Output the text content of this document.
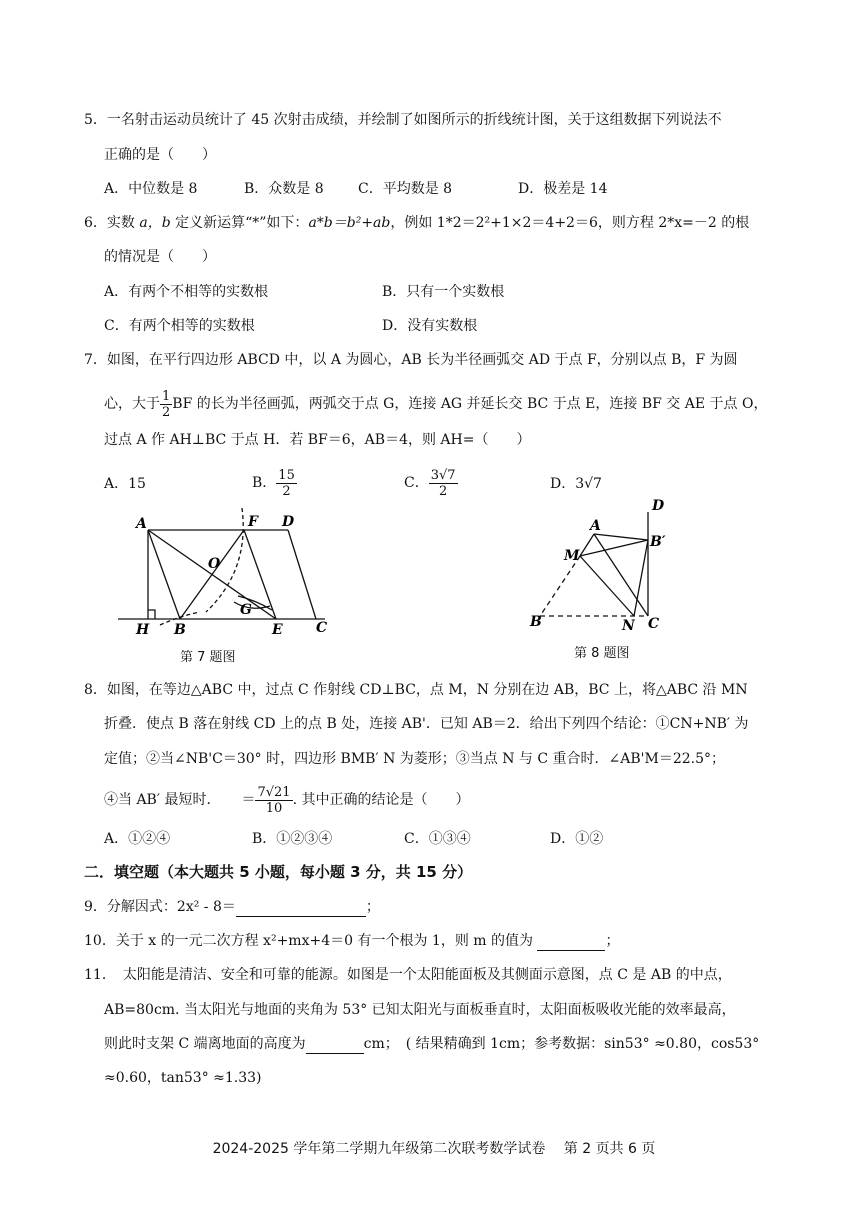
5．一名射击运动员统计了 45 次射击成绩，并绘制了如图所示的折线统计图，关于这组数据下列说法不
正确的是（　　）
A．中位数是 8	B．众数是 8 C．平均数是 8	D．极差是 14
6．实数 a，b 定义新运算“*”如下：a*b＝b²+ab，例如 1*2＝2²+1×2＝4+2＝6，则方程 2*x=－2 的根
的情况是（　　）
A．有两个不相等的实数根	B．只有一个实数根
C．有两个相等的实数根	D．没有实数根
7．如图，在平行四边形 ABCD 中，以 A 为圆心，AB 长为半径画弧交 AD 于点 F，分别以点 B，F 为圆
心，大于 $\frac{1}{2}$ BF 的长为半径画弧，两弧交于点 G，连接 AG 并延长交 BC 于点 E，连接 BF 交 AE 于点 O，
过点 A 作 AH⊥BC 于点 H．若 BF＝6，AB＝4，则 AH=（　　）
A．15	B． $\frac{15}{2}$	C． $\frac{3√7}{2}$	D．3√7
A	F D
O
G
H B	E C
第 7 题图
D
A
M
B′
B	N C
第 8 题图
8．如图，在等边△ABC 中，过点 C 作射线 CD⊥BC，点 M，N 分别在边 AB，BC 上，将△ABC 沿 MN
折叠．使点 B 落在射线 CD 上的点 B 处，连接 AB'．已知 AB＝2．给出下列四个结论：①CN+NB′ 为
定值；②当∠NB'C＝30° 时，四边形 BMB′ N 为菱形；③当点 N 与 C 重合时．∠AB'M＝22.5°；
④当 AB′ 最短时．　　＝ $\frac{7√21}{10}$ . 其中正确的结论是（　　）
A．①②④	B．①②③④	C．①③④	D．①②
二．填空题（本大题共 5 小题，每小题 3 分，共 15 分）
9．分解因式：2x² - 8＝	；
10．关于 x 的一元二次方程 x²+mx+4＝0 有一个根为 1，则 m 的值为	；
11．　太阳能是清洁、安全和可靠的能源。如图是一个太阳能面板及其侧面示意图，点 C 是 AB 的中点，
AB=80cm. 当太阳光与地面的夹角为 53° 已知太阳光与面板垂直时，太阳面板吸收光能的效率最高，
则此时支架 C 端离地面的高度为	cm；　( 结果精确到 1cm；参考数据：sin53° ≈0.80，cos53°
≈0.60，tan53° ≈1.33)
2024-2025 学年第二学期九年级第二次联考数学试卷　 第 2 页共 6 页
